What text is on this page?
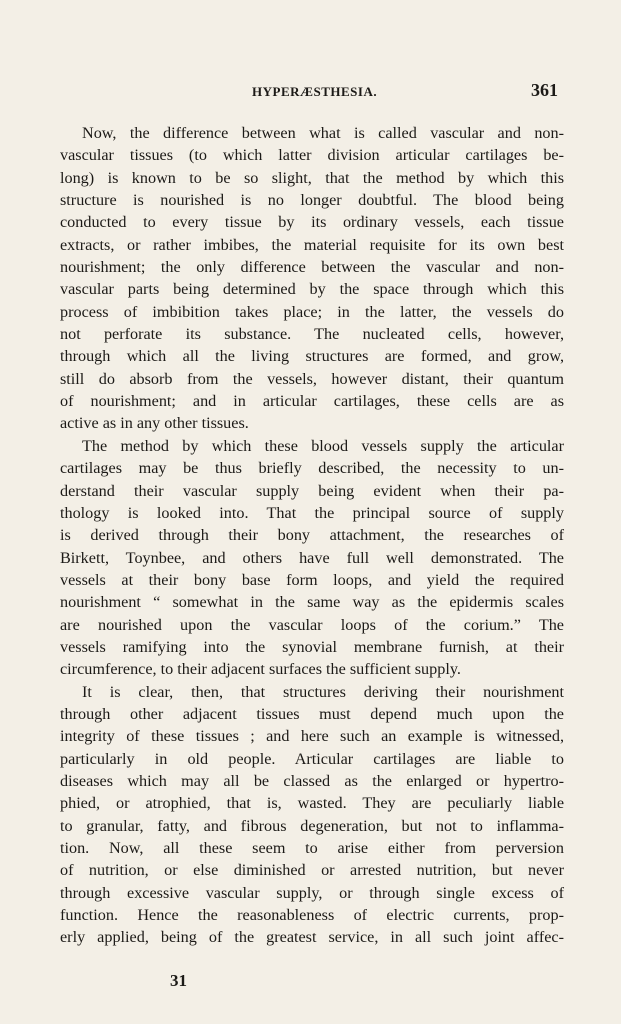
HYPERÆSTHESIA.	361
Now, the difference between what is called vascular and non-
vascular tissues (to which latter division articular cartilages be-
long) is known to be so slight, that the method by which this
structure is nourished is no longer doubtful. The blood being
conducted to every tissue by its ordinary vessels, each tissue
extracts, or rather imbibes, the material requisite for its own best
nourishment; the only difference between the vascular and non-
vascular parts being determined by the space through which this
process of imbibition takes place; in the latter, the vessels do
not perforate its substance. The nucleated cells, however,
through which all the living structures are formed, and grow,
still do absorb from the vessels, however distant, their quantum
of nourishment; and in articular cartilages, these cells are as
active as in any other tissues.
The method by which these blood vessels supply the articular
cartilages may be thus briefly described, the necessity to un-
derstand their vascular supply being evident when their pa-
thology is looked into. That the principal source of supply
is derived through their bony attachment, the researches of
Birkett, Toynbee, and others have full well demonstrated. The
vessels at their bony base form loops, and yield the required
nourishment “ somewhat in the same way as the epidermis scales
are nourished upon the vascular loops of the corium.” The
vessels ramifying into the synovial membrane furnish, at their
circumference, to their adjacent surfaces the sufficient supply.
It is clear, then, that structures deriving their nourishment
through other adjacent tissues must depend much upon the
integrity of these tissues ; and here such an example is witnessed,
particularly in old people. Articular cartilages are liable to
diseases which may all be classed as the enlarged or hypertro-
phied, or atrophied, that is, wasted. They are peculiarly liable
to granular, fatty, and fibrous degeneration, but not to inflamma-
tion. Now, all these seem to arise either from perversion
of nutrition, or else diminished or arrested nutrition, but never
through excessive vascular supply, or through single excess of
function. Hence the reasonableness of electric currents, prop-
erly applied, being of the greatest service, in all such joint affec-
31
